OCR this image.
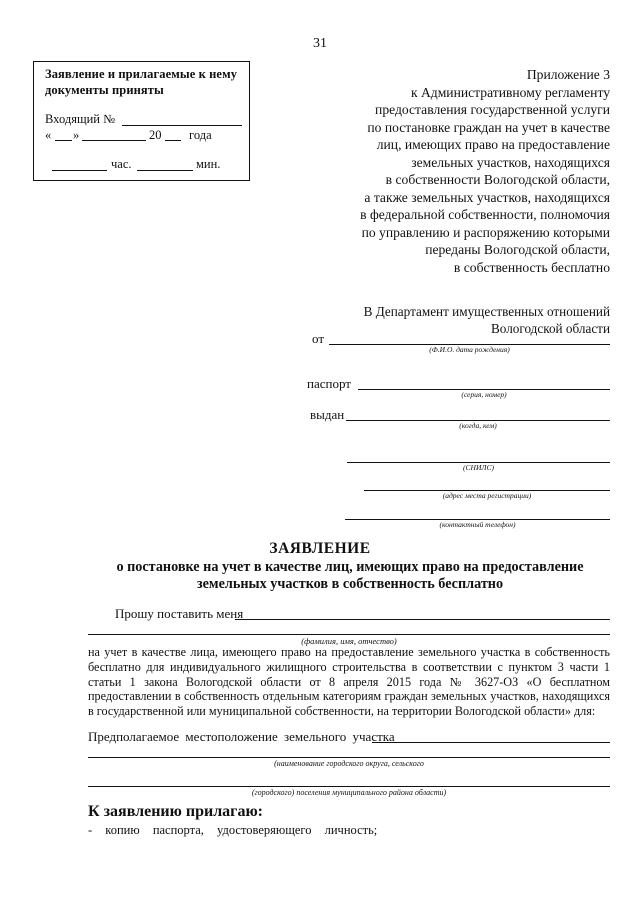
31
Заявление и прилагаемые к нему документы приняты
Входящий №
« »	20 года
час.	мин.
Приложение 3
к Административному регламенту
предоставления государственной услуги
по постановке граждан на учет в качестве
лиц, имеющих право на предоставление
земельных участков, находящихся
в собственности Вологодской области,
а также земельных участков, находящихся
в федеральной собственности, полномочия
по управлению и распоряжению которыми
переданы Вологодской области,
в собственность бесплатно
В Департамент имущественных отношений
Вологодской области
от
(Ф.И.О. дата рождения)
паспорт
(серия, номер)
выдан
(когда, кем)
(СНИЛС)
(адрес места регистрации)
(контактный телефон)
ЗАЯВЛЕНИЕ
о постановке на учет в качестве лиц, имеющих право на предоставление
земельных участков в собственность бесплатно
Прошу поставить меня
(фамилия, имя, отчество)
на учет в качестве лица, имеющего право на предоставление земельного участка в собственность бесплатно для индивидуального жилищного строительства в соответствии с пунктом 3 части 1 статьи 1 закона Вологодской области от 8 апреля 2015 года № 3627-ОЗ «О бесплатном предоставлении в собственность отдельным категориям граждан земельных участков, находящихся в государственной или муниципальной собственности, на территории Вологодской области» для:
Предполагаемое местоположение земельного участка
(наименование городского округа, сельского
(городского) поселения муниципального района области)
К заявлению прилагаю:
- копию паспорта, удостоверяющего личность;
